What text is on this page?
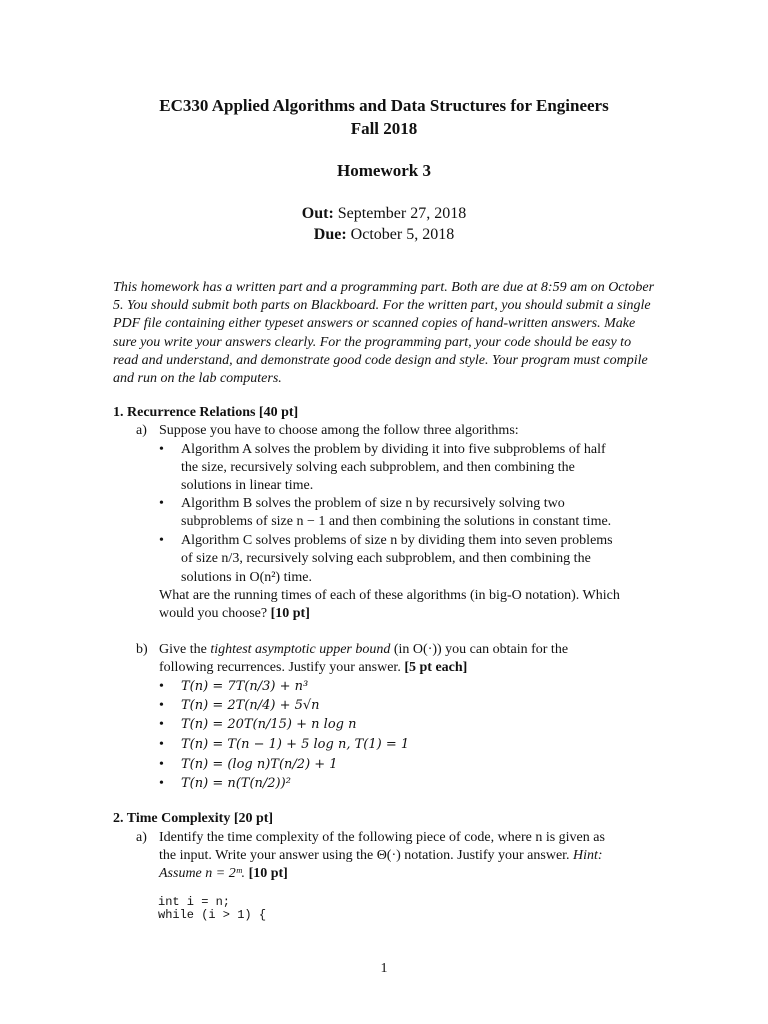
EC330 Applied Algorithms and Data Structures for Engineers
Fall 2018
Homework 3
Out: September 27, 2018
Due: October 5, 2018
This homework has a written part and a programming part. Both are due at 8:59 am on October 5. You should submit both parts on Blackboard. For the written part, you should submit a single PDF file containing either typeset answers or scanned copies of hand-written answers. Make sure you write your answers clearly. For the programming part, your code should be easy to read and understand, and demonstrate good code design and style. Your program must compile and run on the lab computers.
1. Recurrence Relations [40 pt]
a) Suppose you have to choose among the follow three algorithms:
• Algorithm A solves the problem by dividing it into five subproblems of half
the size, recursively solving each subproblem, and then combining the
solutions in linear time.
• Algorithm B solves the problem of size n by recursively solving two
subproblems of size n − 1 and then combining the solutions in constant time.
• Algorithm C solves problems of size n by dividing them into seven problems
of size n/3, recursively solving each subproblem, and then combining the
solutions in O(n²) time.
What are the running times of each of these algorithms (in big-O notation). Which
would you choose? [10 pt]
b) Give the tightest asymptotic upper bound (in O(·)) you can obtain for the
following recurrences. Justify your answer. [5 pt each]
• T(n) = 7T(n/3) + n³
• T(n) = 2T(n/4) + 5√n
• T(n) = 20T(n/15) + n log n
• T(n) = T(n − 1) + 5 log n, T(1) = 1
• T(n) = (log n)T(n/2) + 1
• T(n) = n(T(n/2))²
2. Time Complexity [20 pt]
a) Identify the time complexity of the following piece of code, where n is given as
the input. Write your answer using the Θ(·) notation. Justify your answer. Hint:
Assume n = 2ᵐ. [10 pt]
int i = n;
while (i > 1) {
1
